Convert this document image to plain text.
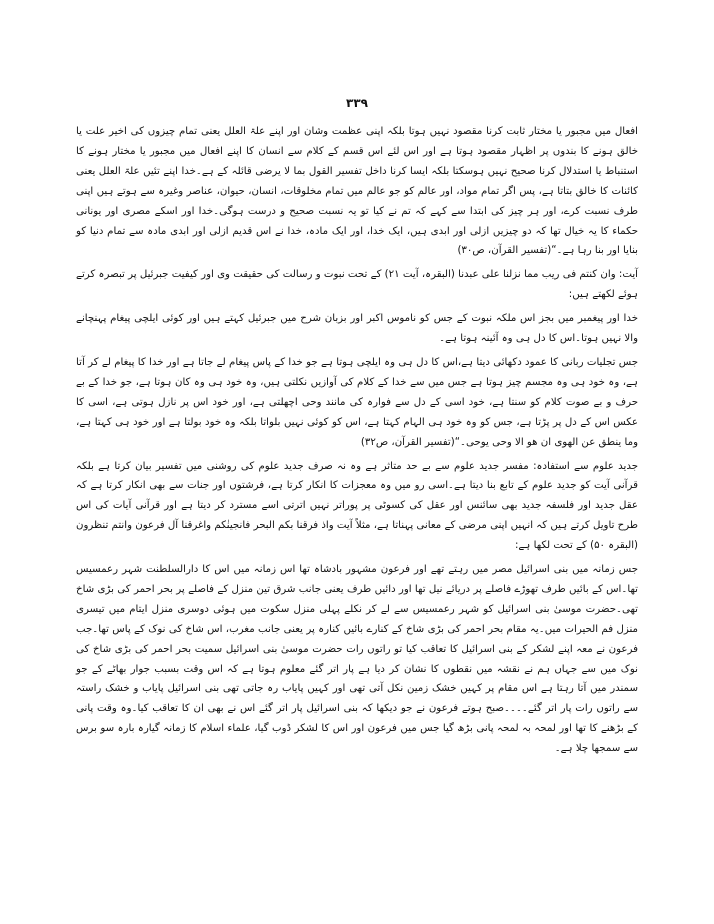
۳۳۹

افعال میں مجبور یا مختار ثابت کرنا مقصود نہیں ہوتا بلکہ اپنی عظمت وشان اور اپنے علۃ العلل یعنی تمام چیزوں کی اخیر علت یا خالق ہونے کا بندوں پر اظہار مقصود ہوتا ہے اور اس لئے اس قسم کے کلام سے انسان کا اپنے افعال میں مجبور یا مختار ہونے کا استنباط یا استدلال کرنا صحیح نہیں ہوسکتا بلکہ ایسا کرنا داخل تفسیر القول بما لا یرضی قائلہ کے ہے۔خدا اپنے تئیں علۃ العلل یعنی کائنات کا خالق بتاتا ہے، پس اگر تمام مواد، اور عالم کو جو عالم میں تمام مخلوقات، انسان، حیوان، عناصر وغیرہ سے ہوتے ہیں اپنی طرف نسبت کرے، اور ہر چیز کی ابتدا سے کہے کہ تم نے کیا تو یہ نسبت صحیح و درست ہوگی۔خدا اور اسکے مصری اور یونانی حکماء کا یہ خیال تھا کہ دو چیزیں ازلی اور ابدی ہیں، ایک خدا، اور ایک مادہ، خدا نے اس قدیم ازلی اور ابدی مادہ سے تمام دنیا کو بنایا اور بنا رہا ہے۔“(تفسیر القرآن، ص۳۰)

آیت: وان کنتم فی ریب مما نزلنا علی عبدنا (البقرہ، آیت ۲۱) کے تحت نبوت و رسالت کی حقیقت وی اور کیفیت جبرئیل پر تبصرہ کرتے ہوئے لکھتے ہیں:

خدا اور پیغمبر میں بجز اس ملکہ نبوت کے جس کو ناموس اکبر اور بزبان شرح میں جبرئیل کہتے ہیں اور کوئی ایلچی پیغام پہنچانے والا نہیں ہوتا۔اس کا دل ہی وہ آئینہ ہوتا ہے۔

جس تجلیات ربانی کا عمود دکھائی دیتا ہے،اس کا دل ہی وہ ایلچی ہوتا ہے جو خدا کے پاس پیغام لے جاتا ہے اور خدا کا پیغام لے کر آتا ہے، وہ خود ہی وہ مجسم چیز ہوتا ہے جس میں سے خدا کے کلام کی آوازیں نکلتی ہیں، وہ خود ہی وہ کان ہوتا ہے، جو خدا کے بے حرف و بے صوت کلام کو سنتا ہے، خود اسی کے دل سے فوارہ کی مانند وحی اچھلتی ہے، اور خود اس پر نازل ہوتی ہے، اسی کا عکس اس کے دل پر پڑتا ہے، جس کو وہ خود ہی الہام کہتا ہے، اس کو کوئی نہیں بلواتا بلکہ وہ خود بولتا ہے اور خود ہی کہتا ہے، وما ینطق عن الھوی ان ھو الا وحی یوحی۔“(تفسیر القرآن، ص۳۲)

جدید علوم سے استفادہ: مفسر جدید علوم سے بے حد متاثر ہے وہ نہ صرف جدید علوم کی روشنی میں تفسیر بیان کرتا ہے بلکہ قرآنی آیت کو جدید علوم کے تابع بنا دیتا ہے۔اسی رو میں وہ معجزات کا انکار کرتا ہے، فرشتوں اور جنات سے بھی انکار کرتا ہے کہ عقل جدید اور فلسفہ جدید بھی سائنس اور عقل کی کسوٹی پر پوراتر نہیں اترتی اسے مسترد کر دیتا ہے اور قرآنی آیات کی اس طرح تاویل کرتے ہیں کہ انہیں اپنی مرضی کے معانی پہناتا ہے، مثلاً آیت واذ فرقنا بکم البحر فانجینٰکم واغرقنا آل فرعون وانتم تنظرون (البقرہ ۵۰) کے تحت لکھا ہے:

جس زمانہ میں بنی اسرائیل مصر میں رہتے تھے اور فرعون مشہور بادشاہ تھا اس زمانہ میں اس کا دارالسلطنت شہر رعمسیس تھا۔اس کے بائیں طرف تھوڑے فاصلے پر دریائے نیل تھا اور دائیں طرف یعنی جانب شرق تین منزل کے فاصلے پر بحر احمر کی بڑی شاخ تھی۔حضرت موسیٰ بنی اسرائیل کو شہر رعمسیس سے لے کر نکلے پہلی منزل سکوت میں ہوئی دوسری منزل ایتام میں تیسری منزل فم الحیرات میں۔یہ مقام بحر احمر کی بڑی شاخ کے کنارے بائیں کنارہ پر یعنی جانب مغرب، اس شاخ کی نوک کے پاس تھا۔جب فرعون نے معہ اپنے لشکر کے بنی اسرائیل کا تعاقب کیا تو راتوں رات حضرت موسیٰ بنی اسرائیل سمیت بحر احمر کی بڑی شاخ کی نوک میں سے جہاں ہم نے نقشہ میں نقطوں کا نشان کر دیا ہے پار اتر گئے معلوم ہوتا ہے کہ اس وقت بسبب جوار بھاٹے کے جو سمندر میں آتا رہتا ہے اس مقام پر کہیں خشک زمین نکل آتی تھی اور کہیں پایاب رہ جاتی تھی بنی اسرائیل پایاب و خشک راستہ سے راتوں رات پار اتر گئے۔۔۔۔صبح ہوتے فرعون نے جو دیکھا کہ بنی اسرائیل پار اتر گئے اس نے بھی ان کا تعاقب کیا۔وہ وقت پانی کے بڑھنے کا تھا اور لمحہ بہ لمحہ پانی بڑھ گیا جس میں فرعون اور اس کا لشکر ڈوب گیا، علماء اسلام کا زمانہ گیارہ بارہ سو برس سے سمجھا چلا ہے۔
